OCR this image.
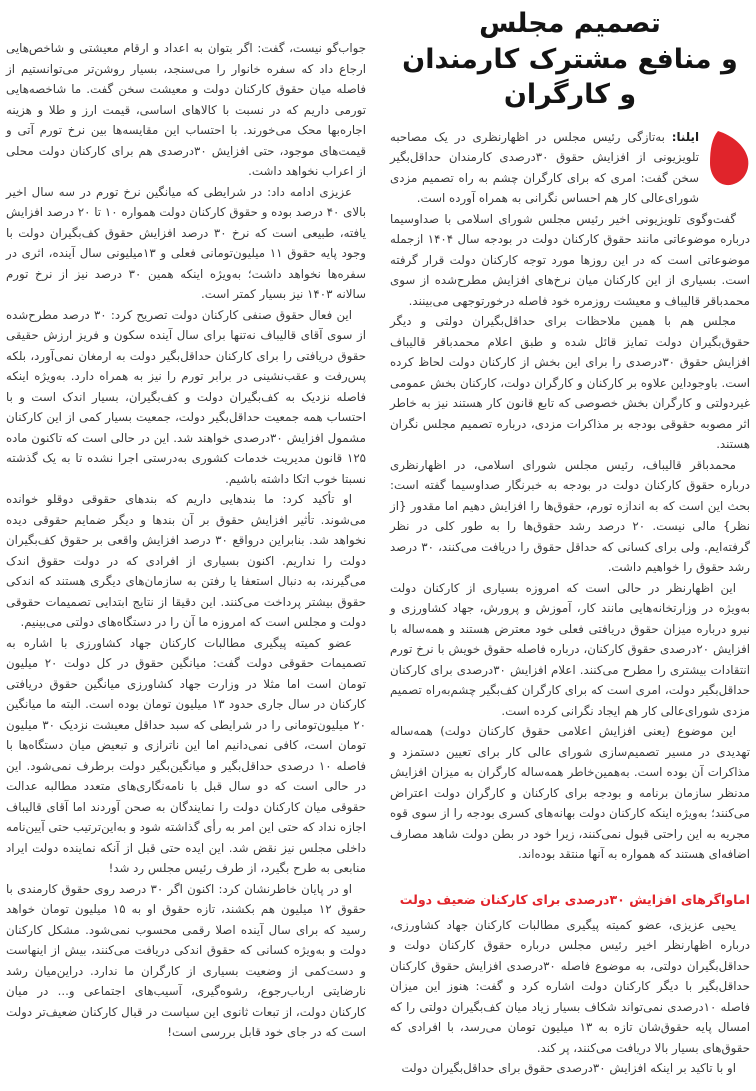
تصمیم مجلس
و منافع مشترک کارمندان و کارگران

ایلنا: به‌تازگی رئیس مجلس در اظهارنظری در یک مصاحبه تلویزیونی از افزایش حقوق ۳۰درصدی کارمندان حداقل‌بگیر سخن گفت: امری که برای کارگران چشم به راه تصمیم مزدی شورای‌عالی کار هم احساس نگرانی به همراه آورده است.

گفت‌وگوی تلویزیونی اخیر رئیس مجلس شورای اسلامی با صداوسیما درباره موضوعاتی مانند حقوق کارکنان دولت در بودجه سال ۱۴۰۴ ازجمله موضوعاتی است که در این روزها مورد توجه کارکنان دولت قرار گرفته است. بسیاری از این کارکنان میان نرخ‌های افزایش مطرح‌شده از سوی محمدباقر قالیباف و معیشت روزمره خود فاصله درخورتوجهی می‌بینند.

مجلس هم با همین ملاحظات برای حداقل‌بگیران دولتی و دیگر حقوق‌بگیران دولت تمایز قائل شده و طبق اعلام محمدباقر قالیباف افزایش حقوق ۳۰درصدی را برای این بخش از کارکنان دولت لحاظ کرده است. باوجوداین علاوه بر کارکنان و کارگران دولت، کارکنان بخش عمومی غیردولتی و کارگران بخش خصوصی که تابع قانون کار هستند نیز به خاطر اثر مصوبه حقوقی بودجه بر مذاکرات مزدی، درباره تصمیم مجلس نگران هستند.

محمدباقر قالیباف، رئیس مجلس شورای اسلامی، در اظهارنظری درباره حقوق کارکنان دولت در بودجه به خبرنگار صداوسیما گفته است: بحث این است که به اندازه تورم، حقوق‌ها را افزایش دهیم اما مقدور {از نظر} مالی نیست. ۲۰ درصد رشد حقوق‌ها را به طور کلی در نظر گرفته‌ایم. ولی برای کسانی که حداقل حقوق را دریافت می‌کنند، ۳۰ درصد رشد حقوق را خواهیم داشت.

این اظهارنظر در حالی است که امروزه بسیاری از کارکنان دولت به‌ویژه در وزارتخانه‌هایی مانند کار، آموزش و پرورش، جهاد کشاورزی و نیرو درباره میزان حقوق دریافتی فعلی خود معترض هستند و همه‌ساله با افزایش ۲۰درصدی حقوق کارکنان، درباره فاصله حقوق خویش با نرخ تورم انتقادات بیشتری را مطرح می‌کنند. اعلام افزایش ۳۰درصدی برای کارکنان حداقل‌بگیر دولت، امری است که برای کارگران کف‌بگیر چشم‌به‌راه تصمیم مزدی شورای‌عالی کار هم ایجاد نگرانی کرده است.

این موضوع (یعنی افزایش اعلامی حقوق کارکنان دولت) همه‌ساله تهدیدی در مسیر تصمیم‌سازی شورای عالی کار برای تعیین دستمزد و مذاکرات آن بوده است. به‌همین‌خاطر همه‌ساله کارگران به میزان افزایش مدنظر سازمان برنامه و بودجه برای کارکنان و کارگران دولت اعتراض می‌کنند؛ به‌ویژه اینکه کارکنان دولت بهانه‌های کسری بودجه را از سوی قوه مجریه به این راحتی قبول نمی‌کنند، زیرا خود در بطن دولت شاهد مصارف اضافه‌ای هستند که همواره به آنها منتقد بوده‌اند.

اماواگرهای افزایش ۳۰درصدی برای کارکنان ضعیف دولت

یحیی عزیزی، عضو کمیته پیگیری مطالبات کارکنان جهاد کشاورزی، درباره اظهارنظر اخیر رئیس مجلس درباره حقوق کارکنان دولت و حداقل‌بگیران دولتی، به موضوع فاصله ۳۰درصدی افزایش حقوق کارکنان حداقل‌بگیر با دیگر کارکنان دولت اشاره کرد و گفت: هنوز این میزان فاصله ۱۰درصدی نمی‌تواند شکاف بسیار زیاد میان کف‌بگیران دولتی را که امسال پایه حقوق‌شان تازه به ۱۳ میلیون تومان می‌رسد، با افرادی که حقوق‌های بسیار بالا دریافت می‌کنند، پر کند.

او با تاکید بر اینکه افزایش ۳۰درصدی حقوق برای حداقل‌بگیران دولت

جواب‌گو نیست، گفت: اگر بتوان به اعداد و ارقام معیشتی و شاخص‌هایی ارجاع داد که سفره خانوار را می‌سنجد، بسیار روشن‌تر می‌توانستیم از فاصله میان حقوق کارکنان دولت و معیشت سخن گفت. ما شاخصه‌هایی تورمی داریم که در نسبت با کالاهای اساسی، قیمت ارز و طلا و هزینه اجاره‌بها محک می‌خورند. با احتساب این مقایسه‌ها بین نرخ تورم آتی و قیمت‌های موجود، حتی افزایش ۳۰درصدی هم برای کارکنان دولت محلی از اعراب نخواهد داشت.

عزیزی ادامه داد: در شرایطی که میانگین نرخ تورم در سه سال اخیر بالای ۴۰ درصد بوده و حقوق کارکنان دولت همواره ۱۰ تا ۲۰ درصد افزایش یافته، طبیعی است که نرخ ۳۰ درصد افزایش حقوق کف‌بگیران دولت با وجود پایه حقوق ۱۱ میلیون‌تومانی فعلی و ۱۳میلیونی سال آینده، اثری در سفره‌ها نخواهد داشت؛ به‌ویژه اینکه همین ۳۰ درصد نیز از نرخ تورم سالانه ۱۴۰۳ نیز بسیار کمتر است.

این فعال حقوق صنفی کارکنان دولت تصریح کرد: ۳۰ درصد مطرح‌شده از سوی آقای قالیباف نه‌تنها برای سال آینده سکون و فریز ارزش حقیقی حقوق دریافتی را برای کارکنان حداقل‌بگیر دولت به ارمغان نمی‌آورد، بلکه پس‌رفت و عقب‌نشینی در برابر تورم را نیز به همراه دارد. به‌ویژه اینکه فاصله نزدیک به کف‌بگیران دولت و کف‌بگیران، بسیار اندک است و با احتساب همه جمعیت حداقل‌بگیر دولت، جمعیت بسیار کمی از این کارکنان مشمول افزایش ۳۰درصدی خواهند شد. این در حالی است که تاکنون ماده ۱۲۵ قانون مدیریت خدمات کشوری به‌درستی اجرا نشده تا به یک گذشته نسبتا خوب اتکا داشته باشیم.

او تأکید کرد: ما بندهایی داریم که بندهای حقوقی دوقلو خوانده می‌شوند. تأثیر افزایش حقوق بر آن بندها و دیگر ضمایم حقوقی دیده نخواهد شد. بنابراین درواقع ۳۰ درصد افزایش واقعی بر حقوق کف‌بگیران دولت را نداریم. اکنون بسیاری از افرادی که در دولت حقوق اندک می‌گیرند، به دنبال استعفا یا رفتن به سازمان‌های دیگری هستند که اندکی حقوق بیشتر پرداخت می‌کنند. این دقیقا از نتایج ابتدایی تصمیمات حقوقی دولت و مجلس است که امروزه ما آن را در دستگاه‌های دولتی می‌بینیم.

عضو کمیته پیگیری مطالبات کارکنان جهاد کشاورزی با اشاره به تصمیمات حقوقی دولت گفت: میانگین حقوق در کل دولت ۲۰ میلیون تومان است اما مثلا در وزارت جهاد کشاورزی میانگین حقوق دریافتی کارکنان در سال جاری حدود ۱۳ میلیون تومان بوده است. البته ما میانگین ۲۰ میلیون‌تومانی را در شرایطی که سبد حداقل معیشت نزدیک ۳۰ میلیون تومان است، کافی نمی‌دانیم اما این ناترازی و تبعیض میان دستگاه‌ها با فاصله ۱۰ درصدی حداقل‌بگیر و میانگین‌بگیر دولت برطرف نمی‌شود. این در حالی است که دو سال قبل با نامه‌نگاری‌های متعدد مطالبه عدالت حقوقی میان کارکنان دولت را نمایندگان به صحن آوردند اما آقای قالیباف اجازه نداد که حتی این امر به رأی گذاشته شود و به‌این‌ترتیب حتی آیین‌نامه داخلی مجلس نیز نقض شد. این ایده حتی قبل از آنکه نماینده دولت ایراد منابعی به طرح بگیرد، از طرف رئیس مجلس رد شد!

او در پایان خاطرنشان کرد: اکنون اگر ۳۰ درصد روی حقوق کارمندی با حقوق ۱۲ میلیون هم بکشند، تازه حقوق او به ۱۵ میلیون تومان خواهد رسید که برای سال آینده اصلا رقمی محسوب نمی‌شود. مشکل کارکنان دولت و به‌ویژه کسانی که حقوق اندکی دریافت می‌کنند، بیش از اینهاست و دست‌کمی از وضعیت بسیاری از کارگران ما ندارد. دراین‌میان رشد نارضایتی ارباب‌رجوع، رشوه‌گیری، آسیب‌های اجتماعی و... در میان کارکنان دولت، از تبعات ثانوی این سیاست در قبال کارکنان ضعیف‌تر دولت است که در جای خود قابل بررسی است!
